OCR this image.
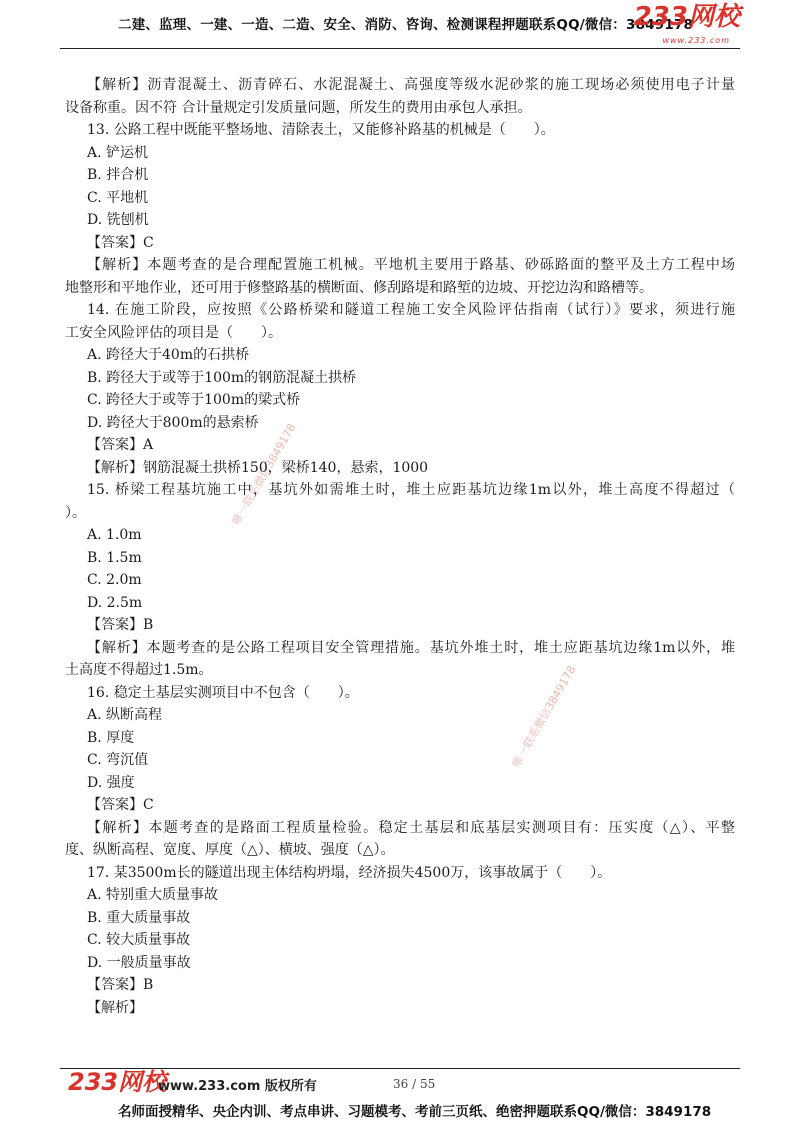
二建、监理、一建、一造、二造、安全、消防、咨询、检测课程押题联系QQ/微信：3849178
233网校
www.233.com
唯一联系微信3849178
唯一联系微信3849178
【解析】沥青混凝土、沥青碎石、水泥混凝土、高强度等级水泥砂浆的施工现场必须使用电子计量
设备称重。因不符 合计量规定引发质量问题，所发生的费用由承包人承担。
13. 公路工程中既能平整场地、清除表土，又能修补路基的机械是（　　）。
A. 铲运机
B. 拌合机
C. 平地机
D. 铣刨机
【答案】C
【解析】本题考查的是合理配置施工机械。平地机主要用于路基、砂砾路面的整平及土方工程中场
地整形和平地作业，还可用于修整路基的横断面、修刮路堤和路堑的边坡、开挖边沟和路槽等。
14. 在施工阶段，应按照《公路桥梁和隧道工程施工安全风险评估指南（试行）》要求，须进行施
工安全风险评估的项目是（　　）。
A. 跨径大于40m的石拱桥
B. 跨径大于或等于100m的钢筋混凝土拱桥
C. 跨径大于或等于100m的梁式桥
D. 跨径大于800m的悬索桥
【答案】A
【解析】钢筋混凝土拱桥150，梁桥140，悬索，1000
15. 桥梁工程基坑施工中，基坑外如需堆土时，堆土应距基坑边缘1m以外，堆土高度不得超过（
）。
A. 1.0m
B. 1.5m
C. 2.0m
D. 2.5m
【答案】B
【解析】本题考查的是公路工程项目安全管理措施。基坑外堆土时，堆土应距基坑边缘1m以外，堆
土高度不得超过1.5m。
16. 稳定土基层实测项目中不包含（　　）。
A. 纵断高程
B. 厚度
C. 弯沉值
D. 强度
【答案】C
【解析】本题考查的是路面工程质量检验。稳定土基层和底基层实测项目有：压实度（△）、平整
度、纵断高程、宽度、厚度（△）、横坡、强度（△）。
17. 某3500m长的隧道出现主体结构坍塌，经济损失4500万，该事故属于（　　）。
A. 特别重大质量事故
B. 重大质量事故
C. 较大质量事故
D. 一般质量事故
【答案】B
【解析】
233网校
www.233.com 版权所有	36 / 55
名师面授精华、央企内训、考点串讲、习题模考、考前三页纸、绝密押题联系QQ/微信：3849178
